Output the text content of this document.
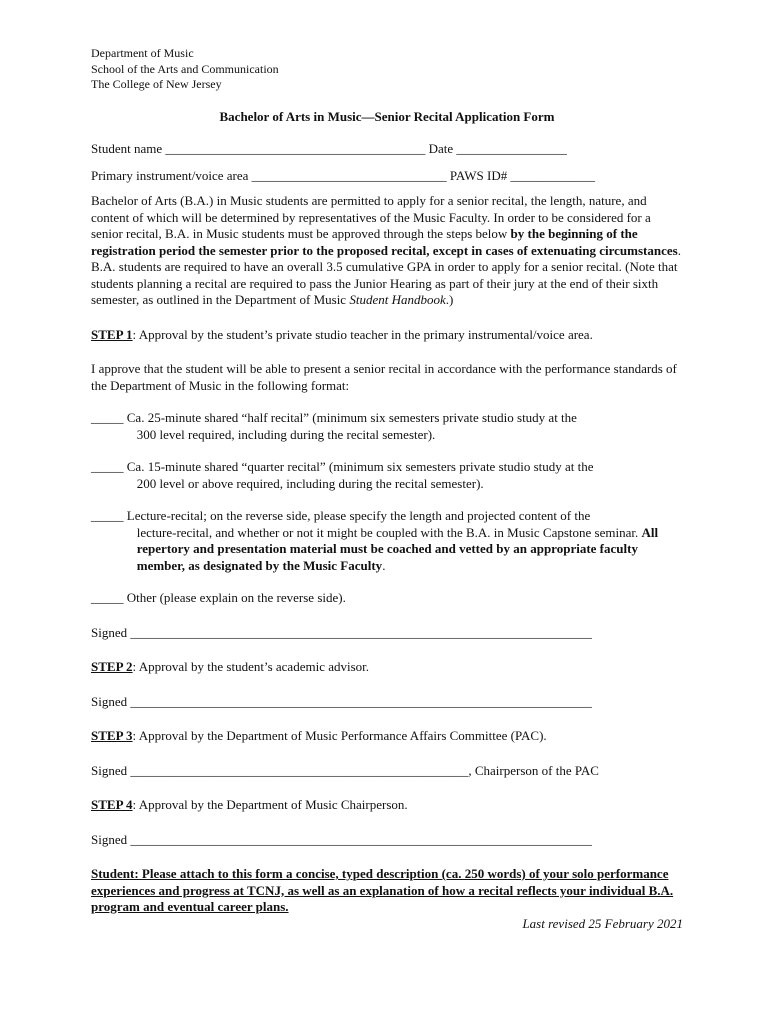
Department of Music
School of the Arts and Communication
The College of New Jersey
Bachelor of Arts in Music—Senior Recital Application Form
Student name ________________________________________ Date _________________
Primary instrument/voice area ______________________________ PAWS ID# _____________

Bachelor of Arts (B.A.) in Music students are permitted to apply for a senior recital, the length, nature, and content of which will be determined by representatives of the Music Faculty. In order to be considered for a senior recital, B.A. in Music students must be approved through the steps below by the beginning of the registration period the semester prior to the proposed recital, except in cases of extenuating circumstances. B.A. students are required to have an overall 3.5 cumulative GPA in order to apply for a senior recital. (Note that students planning a recital are required to pass the Junior Hearing as part of their jury at the end of their sixth semester, as outlined in the Department of Music Student Handbook.)

STEP 1: Approval by the student’s private studio teacher in the primary instrumental/voice area.

I approve that the student will be able to present a senior recital in accordance with the performance standards of the Department of Music in the following format:

_____ Ca. 25-minute shared “half recital” (minimum six semesters private studio study at the
300 level required, including during the recital semester).
_____ Ca. 15-minute shared “quarter recital” (minimum six semesters private studio study at the
200 level or above required, including during the recital semester).
_____ Lecture-recital; on the reverse side, please specify the length and projected content of the
lecture-recital, and whether or not it might be coupled with the B.A. in Music Capstone seminar. All repertory and presentation material must be coached and vetted by an appropriate faculty member, as designated by the Music Faculty.
_____ Other (please explain on the reverse side).
Signed _______________________________________________________________________

STEP 2: Approval by the student’s academic advisor.

Signed _______________________________________________________________________

STEP 3: Approval by the Department of Music Performance Affairs Committee (PAC).

Signed ____________________________________________________, Chairperson of the PAC

STEP 4: Approval by the Department of Music Chairperson.

Signed _______________________________________________________________________

Student: Please attach to this form a concise, typed description (ca. 250 words) of your solo performance experiences and progress at TCNJ, as well as an explanation of how a recital reflects your individual B.A. program and eventual career plans.

Last revised 25 February 2021
